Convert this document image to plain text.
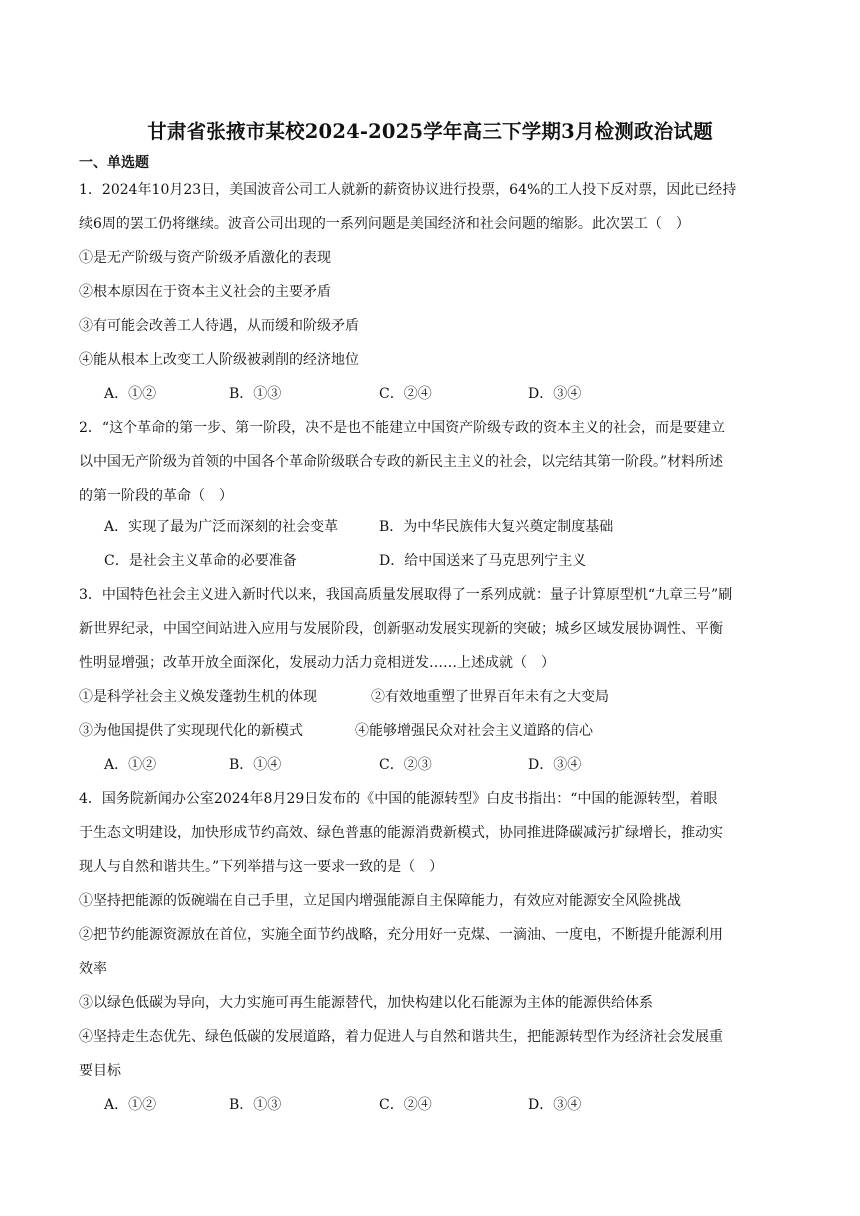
甘肃省张掖市某校2024-2025学年高三下学期3月检测政治试题
一、单选题
1．2024年10月23日，美国波音公司工人就新的薪资协议进行投票，64%的工人投下反对票，因此已经持
续6周的罢工仍将继续。波音公司出现的一系列问题是美国经济和社会问题的缩影。此次罢工（　）
①是无产阶级与资产阶级矛盾激化的表现
②根本原因在于资本主义社会的主要矛盾
③有可能会改善工人待遇，从而缓和阶级矛盾
④能从根本上改变工人阶级被剥削的经济地位
A．①②	B．①③	C．②④	D．③④
2．“这个革命的第一步、第一阶段，决不是也不能建立中国资产阶级专政的资本主义的社会，而是要建立
以中国无产阶级为首领的中国各个革命阶级联合专政的新民主主义的社会，以完结其第一阶段。”材料所述
的第一阶段的革命（　）
A．实现了最为广泛而深刻的社会变革	B．为中华民族伟大复兴奠定制度基础
C．是社会主义革命的必要准备	D．给中国送来了马克思列宁主义
3．中国特色社会主义进入新时代以来，我国高质量发展取得了一系列成就：量子计算原型机“九章三号”刷
新世界纪录，中国空间站进入应用与发展阶段，创新驱动发展实现新的突破；城乡区域发展协调性、平衡
性明显增强；改革开放全面深化，发展动力活力竞相迸发……上述成就（　）
①是科学社会主义焕发蓬勃生机的体现	②有效地重塑了世界百年未有之大变局
③为他国提供了实现现代化的新模式	④能够增强民众对社会主义道路的信心
A．①②	B．①④	C．②③	D．③④
4．国务院新闻办公室2024年8月29日发布的《中国的能源转型》白皮书指出：“中国的能源转型，着眼
于生态文明建设，加快形成节约高效、绿色普惠的能源消费新模式，协同推进降碳减污扩绿增长，推动实
现人与自然和谐共生。”下列举措与这一要求一致的是（　）
①坚持把能源的饭碗端在自己手里，立足国内增强能源自主保障能力，有效应对能源安全风险挑战
②把节约能源资源放在首位，实施全面节约战略，充分用好一克煤、一滴油、一度电，不断提升能源利用
效率
③以绿色低碳为导向，大力实施可再生能源替代，加快构建以化石能源为主体的能源供给体系
④坚持走生态优先、绿色低碳的发展道路，着力促进人与自然和谐共生，把能源转型作为经济社会发展重
要目标
A．①②	B．①③	C．②④	D．③④
